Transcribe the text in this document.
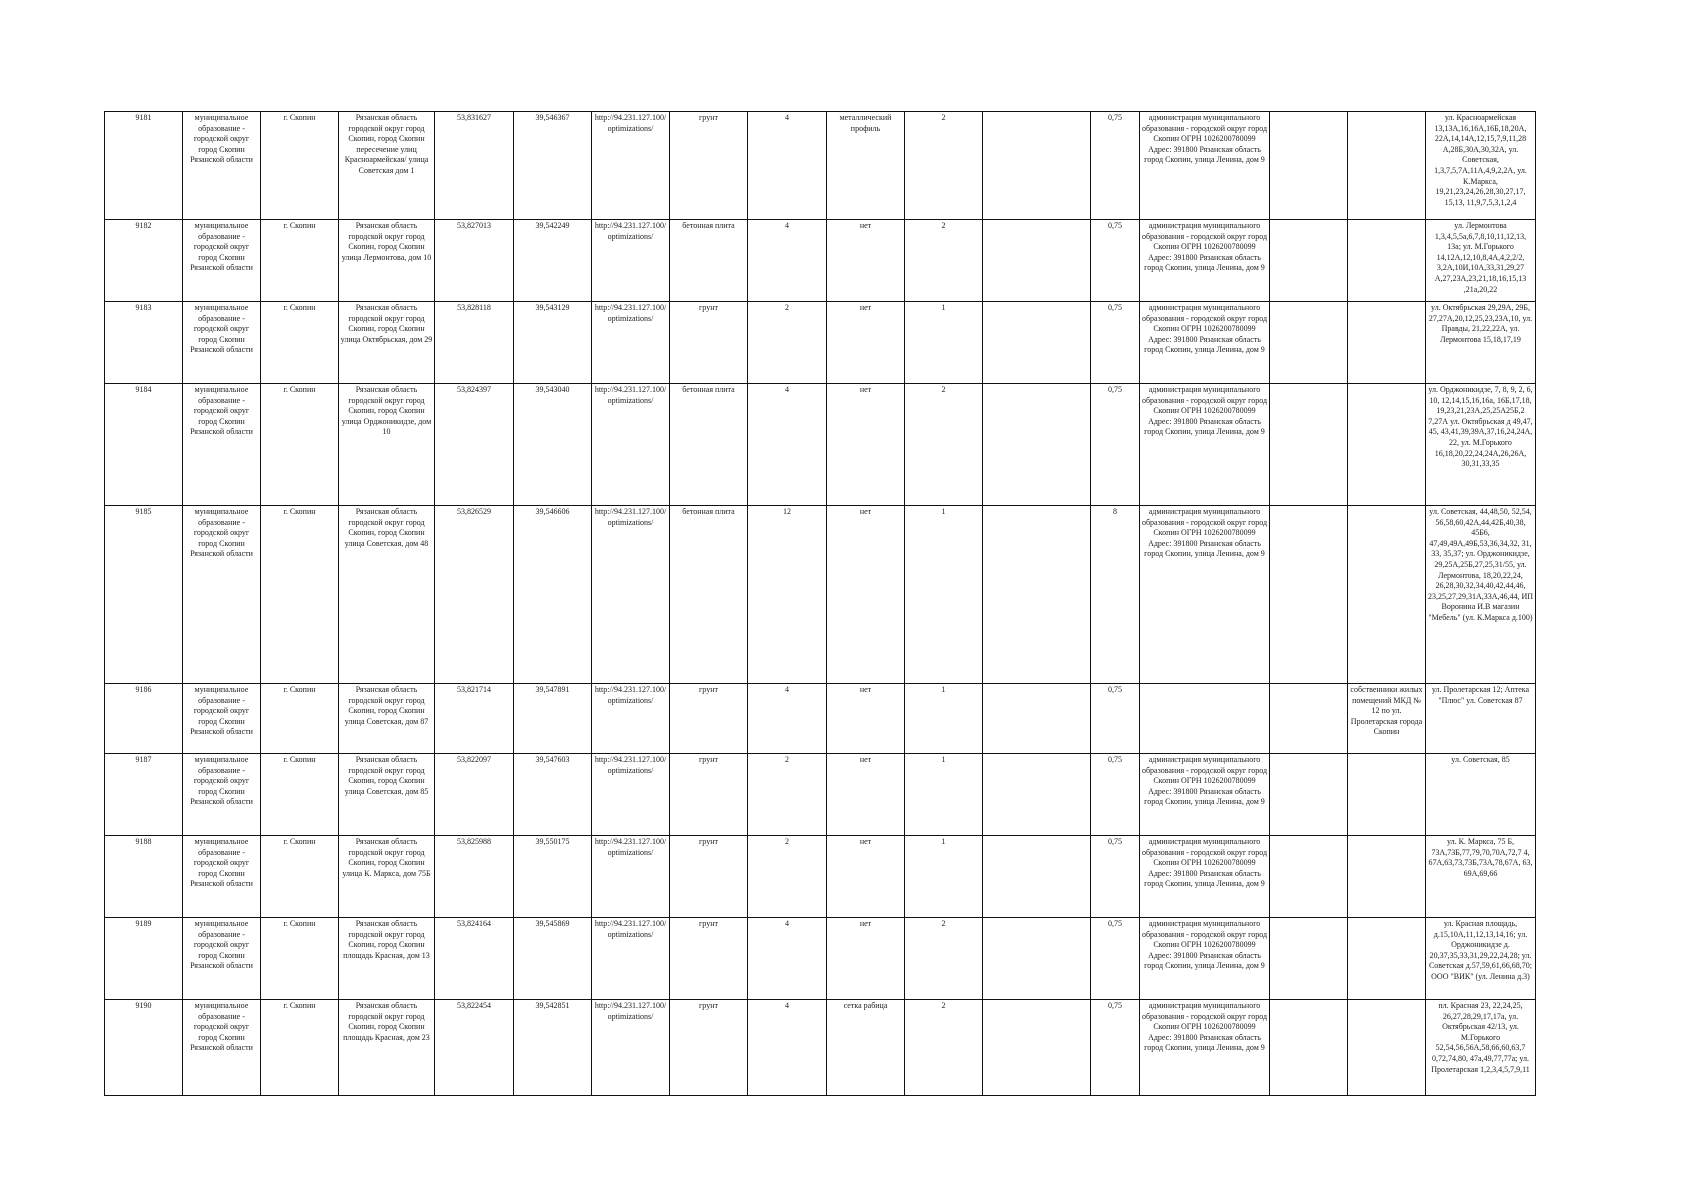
9181	муниципальное образование - городской округ город Скопин Рязанской области	г. Скопин	Рязанская область городской округ город Скопин, город Скопин пересечение улиц Красноармейская/ улица Советская дом 1	53,831627	39,546367	http://94.231.127.100/optimizations/	грунт	4	металлический профиль	2		0,75	администрация муниципального образования - городской округ город Скопин ОГРН 1026200780099 Адрес: 391800 Рязанская область город Скопин, улица Ленина, дом 9			ул. Красноармейская 13,13А,16,16А,16Б,18,20А, 22А,14,14А,12,15,7,9,11,28 А,28Б,30А,30,32А, ул. Советская, 1,3,7,5,7А,11А,4,9,2,2А, ул. К.Маркса, 19,21,23,24,26,28,30,27,17, 15,13, 11,9,7,5,3,1,2,4
9182	муниципальное образование - городской округ город Скопин Рязанской области	г. Скопин	Рязанская область городской округ город Скопин, город Скопин улица Лермонтова, дом 10	53,827013	39,542249	http://94.231.127.100/optimizations/	бетонная плита	4	нет	2		0,75	администрация муниципального образования - городской округ город Скопин ОГРН 1026200780099 Адрес: 391800 Рязанская область город Скопин, улица Ленина, дом 9			ул. Лермонтова 1,3,4,5,5а,6,7,8,10,11,12,13, 13а; ул. М.Горького 14,12А,12,10,8,4А,4,2,2/2, 3,2А,10И,10А,33,31,29,27 А,27,23А,23,21,18,16,15,13 ,21а,20,22
9183	муниципальное образование - городской округ город Скопин Рязанской области	г. Скопин	Рязанская область городской округ город Скопин, город Скопин улица Октябрьская, дом 29	53,828118	39,543129	http://94.231.127.100/optimizations/	грунт	2	нет	1		0,75	администрация муниципального образования - городской округ город Скопин ОГРН 1026200780099 Адрес: 391800 Рязанская область город Скопин, улица Ленина, дом 9			ул. Октябрьская 29,29А, 29Б, 27,27А,20,12,25,23,23А,10, ул. Правды, 21,22,22А, ул. Лермонтова 15,18,17,19
9184	муниципальное образование - городской округ город Скопин Рязанской области	г. Скопин	Рязанская область городской округ город Скопин, город Скопин улица Орджоникидзе, дом 10	53,824397	39,543040	http://94.231.127.100/optimizations/	бетонная плита	4	нет	2		0,75	администрация муниципального образования - городской округ город Скопин ОГРН 1026200780099 Адрес: 391800 Рязанская область город Скопин, улица Ленина, дом 9			ул. Орджоникидзе, 7, 8, 9, 2, 6, 10, 12,14,15,16,16а, 16Б,17,18, 19,23,21,23А,25,25А25Б,2 7,27А ул. Октябрьская д 49,47, 45, 43,41,39,39А,37,16,24,24А, 22, ул. М.Горького 16,18,20,22,24,24А,26,26А, 30,31,33,35
9185	муниципальное образование - городской округ город Скопин Рязанской области	г. Скопин	Рязанская область городской округ город Скопин, город Скопин улица Советская, дом 48	53,826529	39,546606	http://94.231.127.100/optimizations/	бетонная плита	12	нет	1		8	администрация муниципального образования - городской округ город Скопин ОГРН 1026200780099 Адрес: 391800 Рязанская область город Скопин, улица Ленина, дом 9			ул. Советская, 44,48,50, 52,54, 56,58,60,42А,44,42Б,40,38, 45Б6, 47,49,49А,49Б,53,36,34,32, 31, 33, 35,37; ул. Орджоникидзе, 29,25А,25Б,27,25,31/55, ул. Лермонтова, 18,20,22,24, 26,28,30,32,34,40,42,44,46, 23,25,27,29,31А,33А,46,44, ИП Воронина И.В магазин "Мебель" (ул. К.Маркса д.100)
9186	муниципальное образование - городской округ город Скопин Рязанской области	г. Скопин	Рязанская область городской округ город Скопин, город Скопин улица Советская, дом 87	53,821714	39,547891	http://94.231.127.100/optimizations/	грунт	4	нет	1		0,75			собственники жилых помещений МКД № 12 по ул. Пролетарская города Скопин	ул. Пролетарская 12; Аптека "Плюс" ул. Советская 87
9187	муниципальное образование - городской округ город Скопин Рязанской области	г. Скопин	Рязанская область городской округ город Скопин, город Скопин улица Советская, дом 85	53,822097	39,547603	http://94.231.127.100/optimizations/	грунт	2	нет	1		0,75	администрация муниципального образования - городской округ город Скопин ОГРН 1026200780099 Адрес: 391800 Рязанская область город Скопин, улица Ленина, дом 9			ул. Советская, 85
9188	муниципальное образование - городской округ город Скопин Рязанской области	г. Скопин	Рязанская область городской округ город Скопин, город Скопин улица К. Маркса, дом 75Б	53,825988	39,550175	http://94.231.127.100/optimizations/	грунт	2	нет	1		0,75	администрация муниципального образования - городской округ город Скопин ОГРН 1026200780099 Адрес: 391800 Рязанская область город Скопин, улица Ленина, дом 9			ул. К. Маркса, 75 Б, 73А,73Б,77,79,70,70А,72,7 4, 67А,63,73,73Б,73А,78,67А, 63, 69А,69,66
9189	муниципальное образование - городской округ город Скопин Рязанской области	г. Скопин	Рязанская область городской округ город Скопин, город Скопин площадь Красная, дом 13	53,824164	39,545869	http://94.231.127.100/optimizations/	грунт	4	нет	2		0,75	администрация муниципального образования - городской округ город Скопин ОГРН 1026200780099 Адрес: 391800 Рязанская область город Скопин, улица Ленина, дом 9			ул. Красная площадь, д.15,10А,11,12,13,14,16; ул. Орджоникидзе д. 20,37,35,33,31,29,22,24,28; ул. Советская д.57,59,61,66,68,70; ООО "ВИК" (ул. Ленина д.3)
9190	муниципальное образование - городской округ город Скопин Рязанской области	г. Скопин	Рязанская область городской округ город Скопин, город Скопин площадь Красная, дом 23	53,822454	39,542851	http://94.231.127.100/optimizations/	грунт	4	сетка рабица	2		0,75	администрация муниципального образования - городской округ город Скопин ОГРН 1026200780099 Адрес: 391800 Рязанская область город Скопин, улица Ленина, дом 9			пл. Красная 23, 22,24,25, 26,27,28,29,17,17а, ул. Октябрьская 42/13, ул. М.Горького 52,54,56,56А,58,66,60,63,7 0,72,74,80, 47а,49,77,77а; ул. Пролетарская 1,2,3,4,5,7,9,11
